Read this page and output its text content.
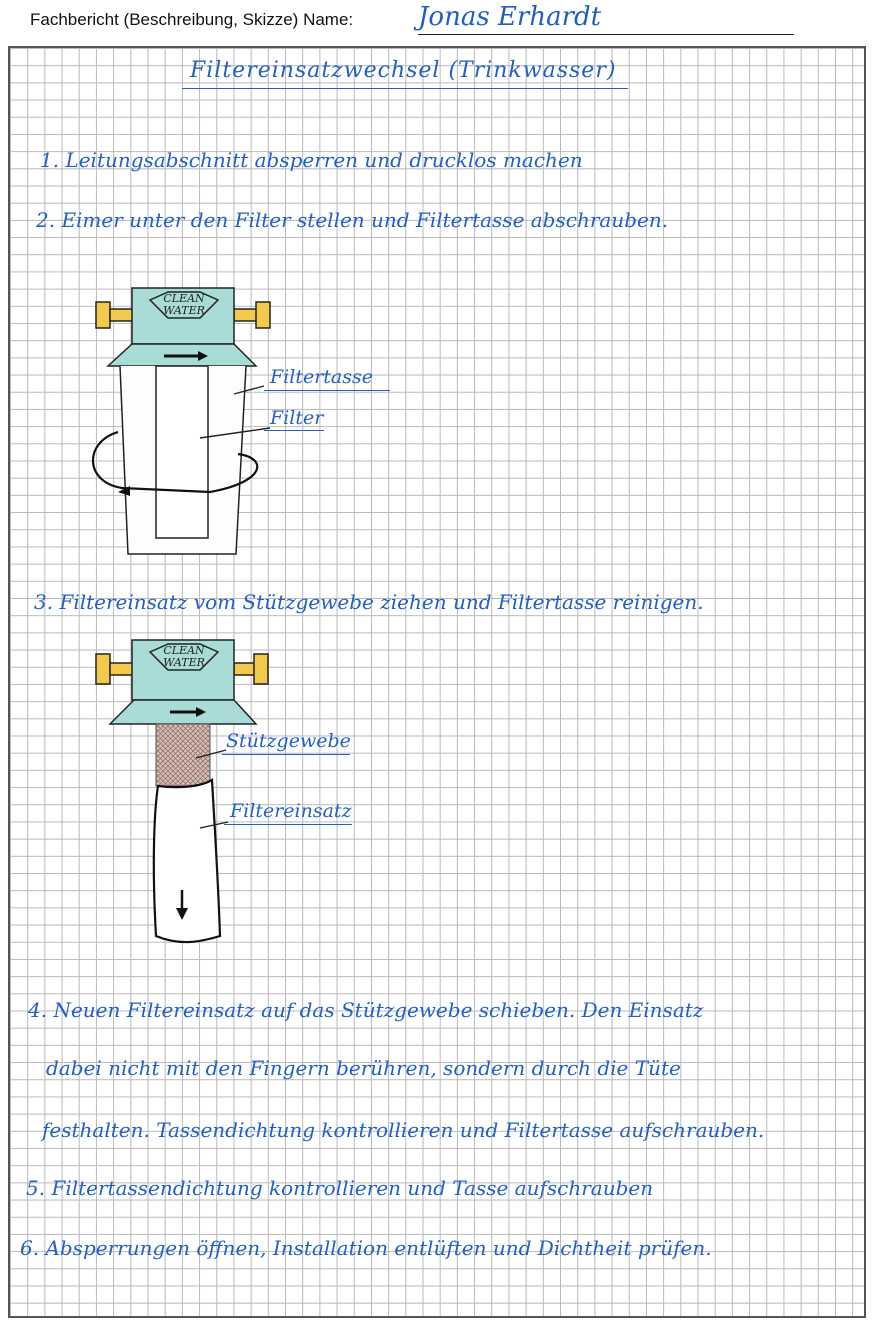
Fachbericht (Beschreibung, Skizze) Name: Jonas Erhardt
Filtereinsatzwechsel (Trinkwasser)
1. Leitungsabschnitt absperren und drucklos machen
2. Eimer unter den Filter stellen und Filtertasse abschrauben.
CLEAN
WATER
Filtertasse
Filter
3. Filtereinsatz vom Stützgewebe ziehen und Filtertasse reinigen.
CLEAN
WATER
Stützgewebe
Filtereinsatz
4. Neuen Filtereinsatz auf das Stützgewebe schieben. Den Einsatz
dabei nicht mit den Fingern berühren, sondern durch die Tüte
festhalten. Tassendichtung kontrollieren und Filtertasse aufschrauben.
5. Filtertassendichtung kontrollieren und Tasse aufschrauben
6. Absperrungen öffnen, Installation entlüften und Dichtheit prüfen.
